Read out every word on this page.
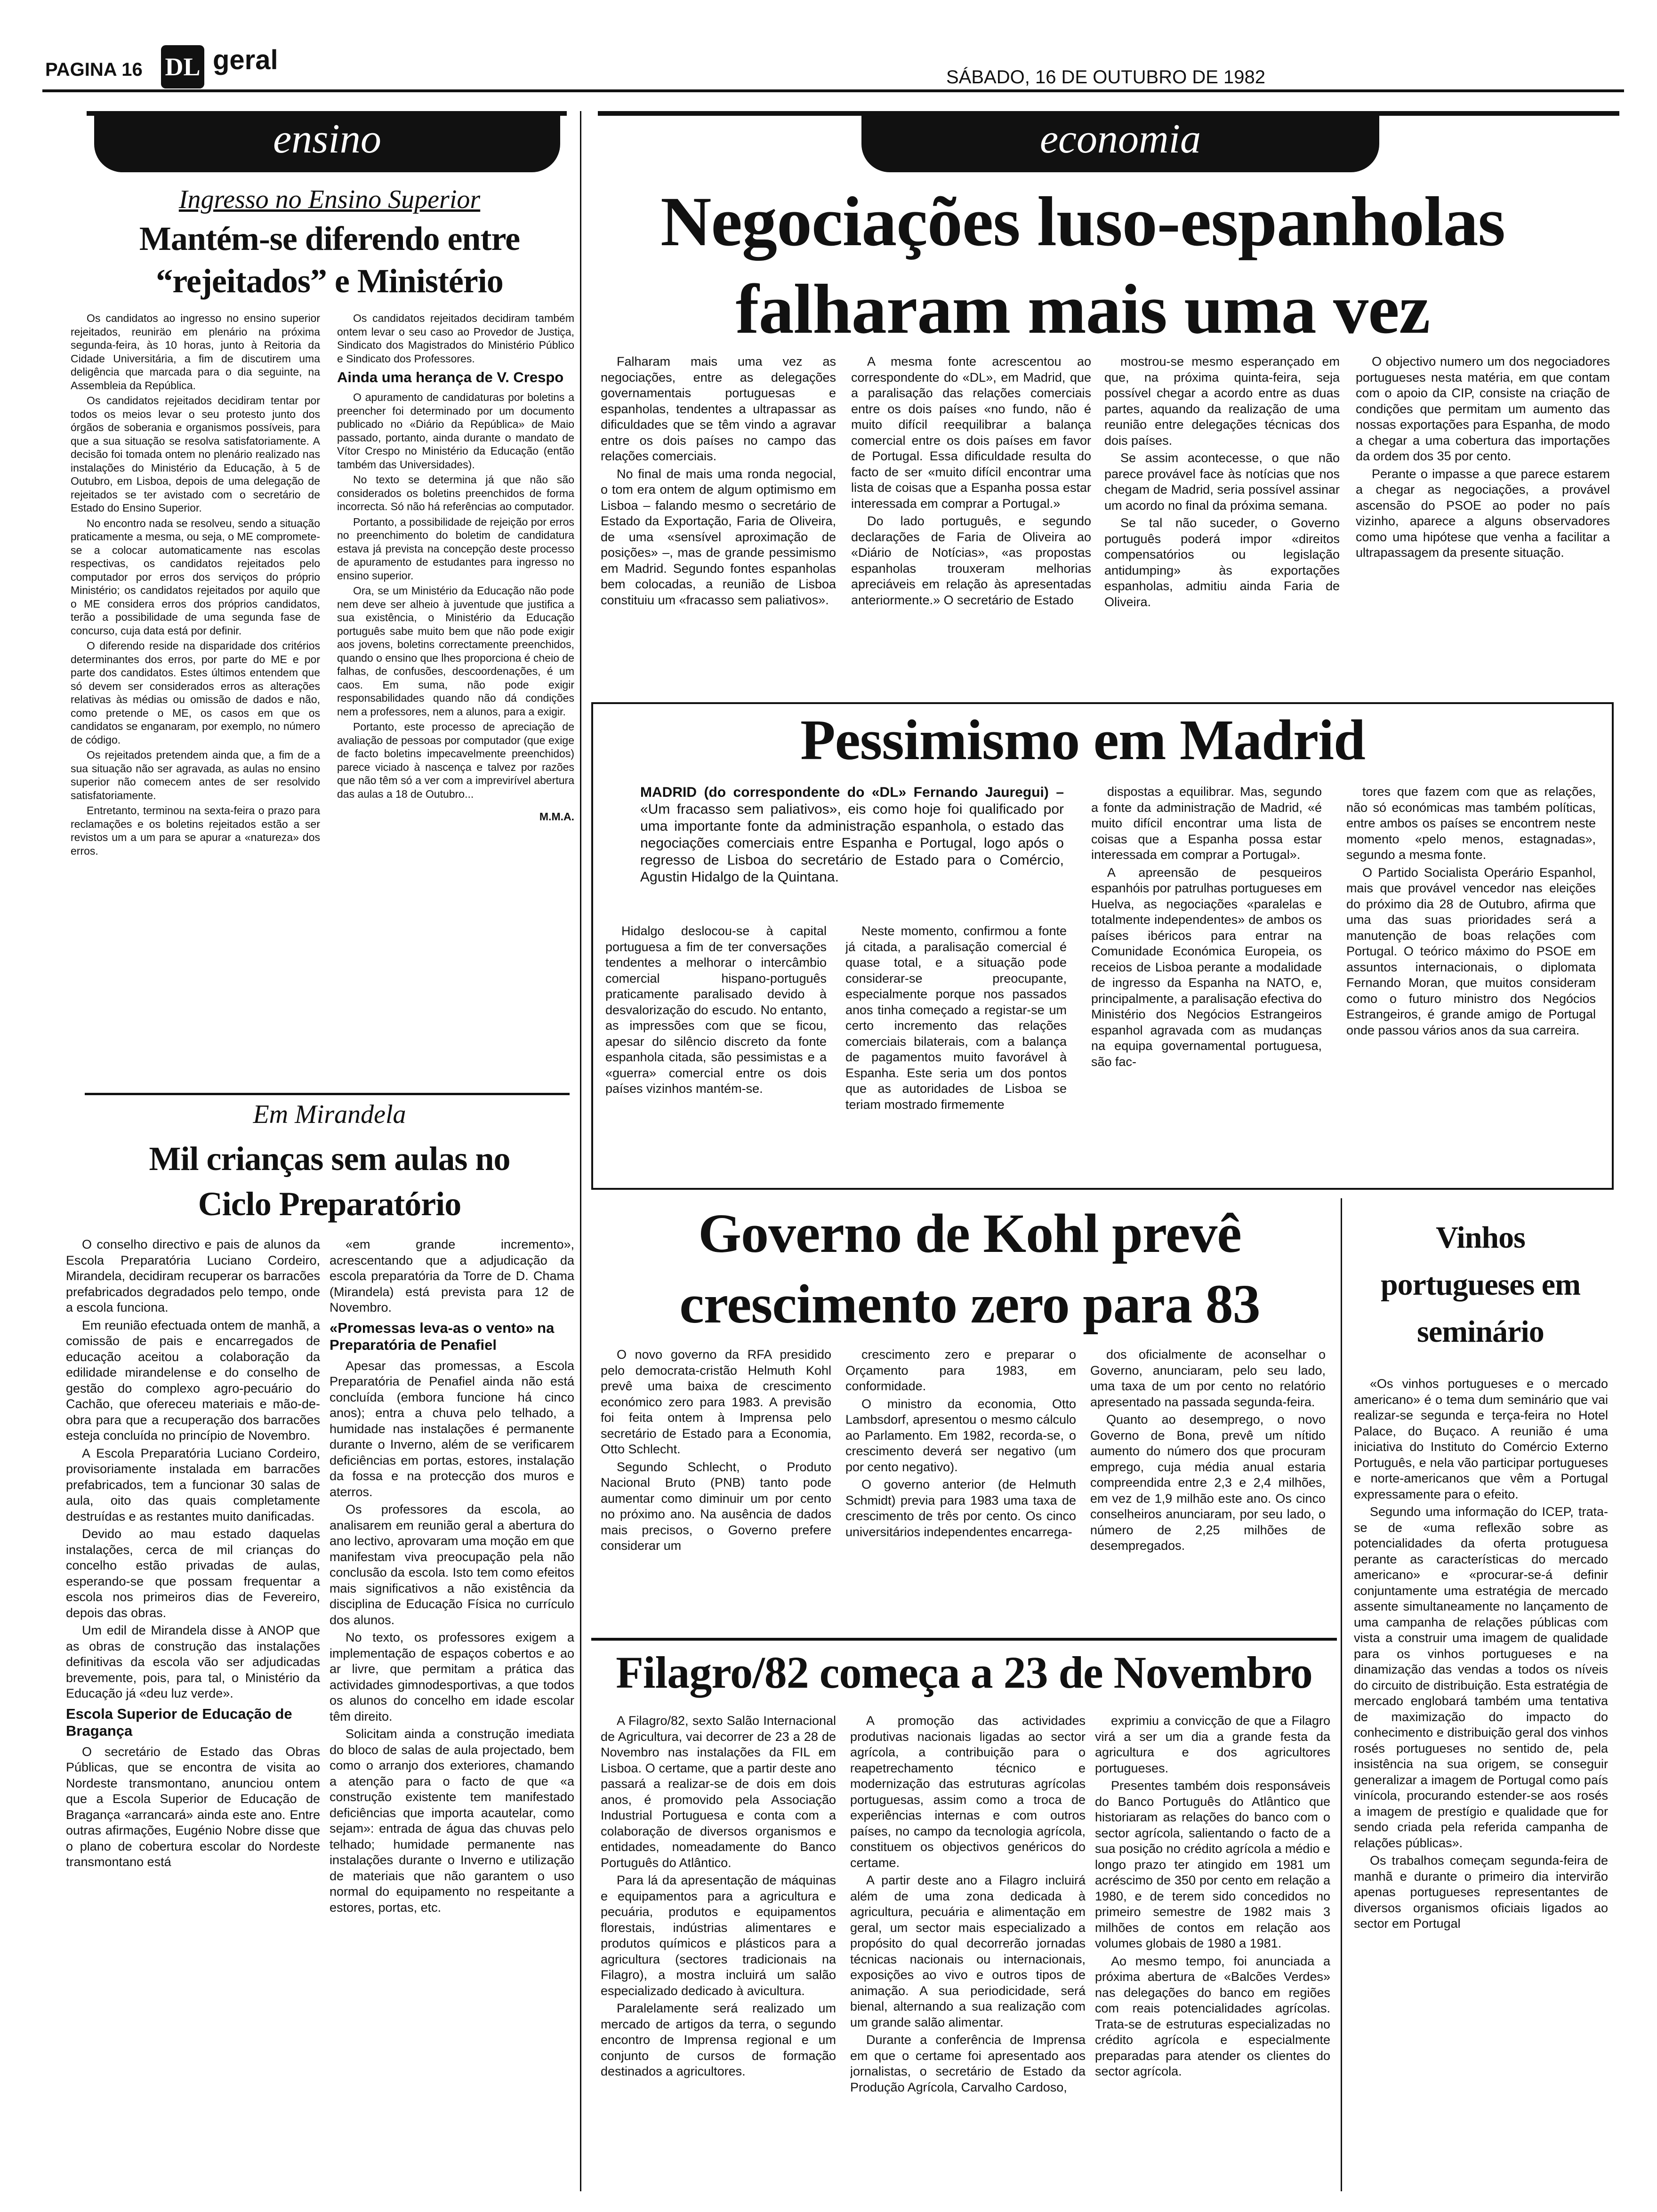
PAGINA 16 DL geral
SÁBADO, 16 DE OUTUBRO DE 1982
ensino
Ingresso no Ensino Superior
Mantém-se diferendo entre “rejeitados” e Ministério

Os candidatos ao ingresso no ensino superior rejeitados, reuniräo em plenário na próxima segunda-feira, às 10 horas, junto à Reitoria da Cidade Universitária, a fim de discutirem uma deligência que marcada para o dia seguinte, na Assembleia da República.

Os candidatos rejeitados decidiram tentar por todos os meios levar o seu protesto junto dos órgãos de soberania e organismos possíveis, para que a sua situação se resolva satisfatoriamente. A decisão foi tomada ontem no plenário realizado nas instalações do Ministério da Educação, à 5 de Outubro, em Lisboa, depois de uma delegação de rejeitados se ter avistado com o secretário de Estado do Ensino Superior.

No encontro nada se resolveu, sendo a situação praticamente a mesma, ou seja, o ME compromete-se a colocar automaticamente nas escolas respectivas, os candidatos rejeitados pelo computador por erros dos serviços do próprio Ministério; os candidatos rejeitados por aquilo que o ME considera erros dos próprios candidatos, terão a possibilidade de uma segunda fase de concurso, cuja data está por definir.

O diferendo reside na disparidade dos critérios determinantes dos erros, por parte do ME e por parte dos candidatos. Estes últimos entendem que só devem ser considerados erros as alterações relativas às médias ou omissão de dados e não, como pretende o ME, os casos em que os candidatos se enganaram, por exemplo, no número de código.

Os rejeitados pretendem ainda que, a fim de a sua situação não ser agravada, as aulas no ensino superior não comecem antes de ser resolvido satisfatoriamente.

Entretanto, terminou na sexta-feira o prazo para reclamações e os boletins rejeitados estão a ser revistos um a um para se apurar a «natureza» dos erros.

Os candidatos rejeitados decidiram também ontem levar o seu caso ao Provedor de Justiça, Sindicato dos Magistrados do Ministério Público e Sindicato dos Professores.

Ainda uma herança de V. Crespo

O apuramento de candidaturas por boletins a preencher foi determinado por um documento publicado no «Diário da República» de Maio passado, portanto, ainda durante o mandato de Vítor Crespo no Ministério da Educação (então também das Universidades).

No texto se determina já que não são considerados os boletins preenchidos de forma incorrecta. Só não há referências ao computador.

Portanto, a possibilidade de rejeição por erros no preenchimento do boletim de candidatura estava já prevista na concepção deste processo de apuramento de estudantes para ingresso no ensino superior.

Ora, se um Ministério da Educação não pode nem deve ser alheio à juventude que justifica a sua existência, o Ministério da Educação português sabe muito bem que não pode exigir aos jovens, boletins correctamente preenchidos, quando o ensino que lhes proporciona é cheio de falhas, de confusões, descoordenações, é um caos. Em suma, não pode exigir responsabilidades quando não dá condições nem a professores, nem a alunos, para a exigir.

Portanto, este processo de apreciação de avaliação de pessoas por computador (que exige de facto boletins impecavelmente preenchidos) parece viciado à nascença e talvez por razões que não têm só a ver com a imprevirível abertura das aulas a 18 de Outubro...

M.M.A.

Em Mirandela
Mil crianças sem aulas no Ciclo Preparatório

O conselho directivo e pais de alunos da Escola Preparatória Luciano Cordeiro, Mirandela, decidiram recuperar os barracões prefabricados degradados pelo tempo, onde a escola funciona.

Em reunião efectuada ontem de manhã, a comissão de pais e encarregados de educação aceitou a colaboração da edilidade mirandelense e do conselho de gestão do complexo agro-pecuário do Cachão, que ofereceu materiais e mão-de-obra para que a recuperação dos barracões esteja concluída no princípio de Novembro.

A Escola Preparatória Luciano Cordeiro, provisoriamente instalada em barracões prefabricados, tem a funcionar 30 salas de aula, oito das quais completamente destruídas e as restantes muito danificadas.

Devido ao mau estado daquelas instalações, cerca de mil crianças do concelho estão privadas de aulas, esperando-se que possam frequentar a escola nos primeiros dias de Fevereiro, depois das obras.

Um edil de Mirandela disse à ANOP que as obras de construção das instalações definitivas da escola vão ser adjudicadas brevemente, pois, para tal, o Ministério da Educação já «deu luz verde».

Escola Superior de Educação de Bragança

O secretário de Estado das Obras Públicas, que se encontra de visita ao Nordeste transmontano, anunciou ontem que a Escola Superior de Educação de Bragança «arrancará» ainda este ano. Entre outras afirmações, Eugénio Nobre disse que o plano de cobertura escolar do Nordeste transmontano está

«em grande incremento», acrescentando que a adjudicação da escola preparatória da Torre de D. Chama (Mirandela) está prevista para 12 de Novembro.

«Promessas leva-as o vento» na Preparatória de Penafiel

Apesar das promessas, a Escola Preparatória de Penafiel ainda não está concluída (embora funcione há cinco anos); entra a chuva pelo telhado, a humidade nas instalações é permanente durante o Inverno, além de se verificarem deficiências em portas, estores, instalação da fossa e na protecção dos muros e aterros.

Os professores da escola, ao analisarem em reunião geral a abertura do ano lectivo, aprovaram uma moção em que manifestam viva preocupação pela não conclusão da escola. Isto tem como efeitos mais significativos a não existência da disciplina de Educação Física no currículo dos alunos.

No texto, os professores exigem a implementação de espaços cobertos e ao ar livre, que permitam a prática das actividades gimnodesportivas, a que todos os alunos do concelho em idade escolar têm direito.

Solicitam ainda a construção imediata do bloco de salas de aula projectado, bem como o arranjo dos exteriores, chamando a atenção para o facto de que «a construção existente tem manifestado deficiências que importa acautelar, como sejam»: entrada de água das chuvas pelo telhado; humidade permanente nas instalações durante o Inverno e utilização de materiais que não garantem o uso normal do equipamento no respeitante a estores, portas, etc.

economia
Negociações luso-espanholas falharam mais uma vez

Falharam mais uma vez as negociações, entre as delegações governamentais portuguesas e espanholas, tendentes a ultrapassar as dificuldades que se têm vindo a agravar entre os dois países no campo das relações comerciais.

No final de mais uma ronda negocial, o tom era ontem de algum optimismo em Lisboa – falando mesmo o secretário de Estado da Exportação, Faria de Oliveira, de uma «sensível aproximação de posições» –, mas de grande pessimismo em Madrid. Segundo fontes espanholas bem colocadas, a reunião de Lisboa constituiu um «fracasso sem paliativos».

A mesma fonte acrescentou ao correspondente do «DL», em Madrid, que a paralisação das relações comerciais entre os dois países «no fundo, não é muito difícil reequilibrar a balança comercial entre os dois países em favor de Portugal. Essa dificuldade resulta do facto de ser «muito difícil encontrar uma lista de coisas que a Espanha possa estar interessada em comprar a Portugal.»

Do lado português, e segundo declarações de Faria de Oliveira ao «Diário de Notícias», «as propostas espanholas trouxeram melhorias apreciáveis em relação às apresentadas anteriormente.» O secretário de Estado

mostrou-se mesmo esperançado em que, na próxima quinta-feira, seja possível chegar a acordo entre as duas partes, aquando da realização de uma reunião entre delegações técnicas dos dois países.

Se assim acontecesse, o que não parece provável face às notícias que nos chegam de Madrid, seria possível assinar um acordo no final da próxima semana.

Se tal não suceder, o Governo português poderá impor «direitos compensatórios ou legislação antidumping» às exportações espanholas, admitiu ainda Faria de Oliveira.

O objectivo numero um dos negociadores portugueses nesta matéria, em que contam com o apoio da CIP, consiste na criação de condições que permitam um aumento das nossas exportações para Espanha, de modo a chegar a uma cobertura das importações da ordem dos 35 por cento.

Perante o impasse a que parece estarem a chegar as negociações, a provável ascensão do PSOE ao poder no país vizinho, aparece a alguns observadores como uma hipótese que venha a facilitar a ultrapassagem da presente situação.

Pessimismo em Madrid
MADRID (do correspondente do «DL» Fernando Jauregui) – «Um fracasso sem paliativos», eis como hoje foi qualificado por uma importante fonte da administração espanhola, o estado das negociações comerciais entre Espanha e Portugal, logo após o regresso de Lisboa do secretário de Estado para o Comércio, Agustin Hidalgo de la Quintana.

Hidalgo deslocou-se à capital portuguesa a fim de ter conversações tendentes a melhorar o intercâmbio comercial hispano-português praticamente paralisado devido à desvalorização do escudo. No entanto, as impressões com que se ficou, apesar do silêncio discreto da fonte espanhola citada, são pessimistas e a «guerra» comercial entre os dois países vizinhos mantém-se.

Neste momento, confirmou a fonte já citada, a paralisação comercial é quase total, e a situação pode considerar-se preocupante, especialmente porque nos passados anos tinha começado a registar-se um certo incremento das relações comerciais bilaterais, com a balança de pagamentos muito favorável à Espanha. Este seria um dos pontos que as autoridades de Lisboa se teriam mostrado firmemente

dispostas a equilibrar. Mas, segundo a fonte da administração de Madrid, «é muito difícil encontrar uma lista de coisas que a Espanha possa estar interessada em comprar a Portugal».

A apreensão de pesqueiros espanhóis por patrulhas portugueses em Huelva, as negociações «paralelas e totalmente independentes» de ambos os países ibéricos para entrar na Comunidade Económica Europeia, os receios de Lisboa perante a modalidade de ingresso da Espanha na NATO, e, principalmente, a paralisação efectiva do Ministério dos Negócios Estrangeiros espanhol agravada com as mudanças na equipa governamental portuguesa, são fac-

tores que fazem com que as relações, não só económicas mas também políticas, entre ambos os países se encontrem neste momento «pelo menos, estagnadas», segundo a mesma fonte.

O Partido Socialista Operário Espanhol, mais que provável vencedor nas eleições do próximo dia 28 de Outubro, afirma que uma das suas prioridades será a manutenção de boas relações com Portugal. O teórico máximo do PSOE em assuntos internacionais, o diplomata Fernando Moran, que muitos consideram como o futuro ministro dos Negócios Estrangeiros, é grande amigo de Portugal onde passou vários anos da sua carreira.

Governo de Kohl prevê crescimento zero para 83

O novo governo da RFA presidido pelo democrata-cristão Helmuth Kohl prevê uma baixa de crescimento económico zero para 1983. A previsão foi feita ontem à Imprensa pelo secretário de Estado para a Economia, Otto Schlecht.

Segundo Schlecht, o Produto Nacional Bruto (PNB) tanto pode aumentar como diminuir um por cento no próximo ano. Na ausência de dados mais precisos, o Governo prefere considerar um

crescimento zero e preparar o Orçamento para 1983, em conformidade.

O ministro da economia, Otto Lambsdorf, apresentou o mesmo cálculo ao Parlamento. Em 1982, recorda-se, o crescimento deverá ser negativo (um por cento negativo).

O governo anterior (de Helmuth Schmidt) previa para 1983 uma taxa de crescimento de três por cento. Os cinco universitários independentes encarrega-

dos oficialmente de aconselhar o Governo, anunciaram, pelo seu lado, uma taxa de um por cento no relatório apresentado na passada segunda-feira.

Quanto ao desemprego, o novo Governo de Bona, prevê um nítido aumento do número dos que procuram emprego, cuja média anual estaria compreendida entre 2,3 e 2,4 milhões, em vez de 1,9 milhão este ano. Os cinco conselheiros anunciaram, por seu lado, o número de 2,25 milhões de desempregados.

Vinhos portugueses em seminário

«Os vinhos portugueses e o mercado americano» é o tema dum seminário que vai realizar-se segunda e terça-feira no Hotel Palace, do Buçaco. A reunião é uma iniciativa do Instituto do Comércio Externo Português, e nela vão participar portugueses e norte-americanos que vêm a Portugal expressamente para o efeito.

Segundo uma informação do ICEP, trata-se de «uma reflexão sobre as potencialidades da oferta protuguesa perante as características do mercado americano» e «procurar-se-á definir conjuntamente uma estratégia de mercado assente simultaneamente no lançamento de uma campanha de relações públicas com vista a construir uma imagem de qualidade para os vinhos portugueses e na dinamização das vendas a todos os níveis do circuito de distribuição. Esta estratégia de mercado englobará também uma tentativa de maximização do impacto do conhecimento e distribuição geral dos vinhos rosés portugueses no sentido de, pela insistência na sua origem, se conseguir generalizar a imagem de Portugal como país vinícola, procurando estender-se aos rosés a imagem de prestígio e qualidade que for sendo criada pela referida campanha de relações públicas».

Os trabalhos começam segunda-feira de manhã e durante o primeiro dia intervirão apenas portugueses representantes de diversos organismos oficiais ligados ao sector em Portugal

Filagro/82 começa a 23 de Novembro

A Filagro/82, sexto Salão Internacional de Agricultura, vai decorrer de 23 a 28 de Novembro nas instalações da FIL em Lisboa. O certame, que a partir deste ano passará a realizar-se de dois em dois anos, é promovido pela Associação Industrial Portuguesa e conta com a colaboração de diversos organismos e entidades, nomeadamente do Banco Português do Atlântico.

Para lá da apresentação de máquinas e equipamentos para a agricultura e pecuária, produtos e equipamentos florestais, indústrias alimentares e produtos químicos e plásticos para a agricultura (sectores tradicionais na Filagro), a mostra incluirá um salão especializado dedicado à avicultura.

Paralelamente será realizado um mercado de artigos da terra, o segundo encontro de Imprensa regional e um conjunto de cursos de formação destinados a agricultores.

A promoção das actividades produtivas nacionais ligadas ao sector agrícola, a contribuição para o reapetrechamento técnico e modernização das estruturas agrícolas portuguesas, assim como a troca de experiências internas e com outros países, no campo da tecnologia agrícola, constituem os objectivos genéricos do certame.

A partir deste ano a Filagro incluirá além de uma zona dedicada à agricultura, pecuária e alimentação em geral, um sector mais especializado a propósito do qual decorrerão jornadas técnicas nacionais ou internacionais, exposições ao vivo e outros tipos de animação. A sua periodicidade, será bienal, alternando a sua realização com um grande salão alimentar.

Durante a conferência de Imprensa em que o certame foi apresentado aos jornalistas, o secretário de Estado da Produção Agrícola, Carvalho Cardoso,

exprimiu a convicção de que a Filagro virá a ser um dia a grande festa da agricultura e dos agricultores portugueses.

Presentes também dois responsáveis do Banco Português do Atlântico que historiaram as relações do banco com o sector agrícola, salientando o facto de a sua posição no crédito agrícola a médio e longo prazo ter atingido em 1981 um acréscimo de 350 por cento em relação a 1980, e de terem sido concedidos no primeiro semestre de 1982 mais 3 milhões de contos em relação aos volumes globais de 1980 a 1981.

Ao mesmo tempo, foi anunciada a próxima abertura de «Balcões Verdes» nas delegações do banco em regiões com reais potencialidades agrícolas. Trata-se de estruturas especializadas no crédito agrícola e especialmente preparadas para atender os clientes do sector agrícola.
